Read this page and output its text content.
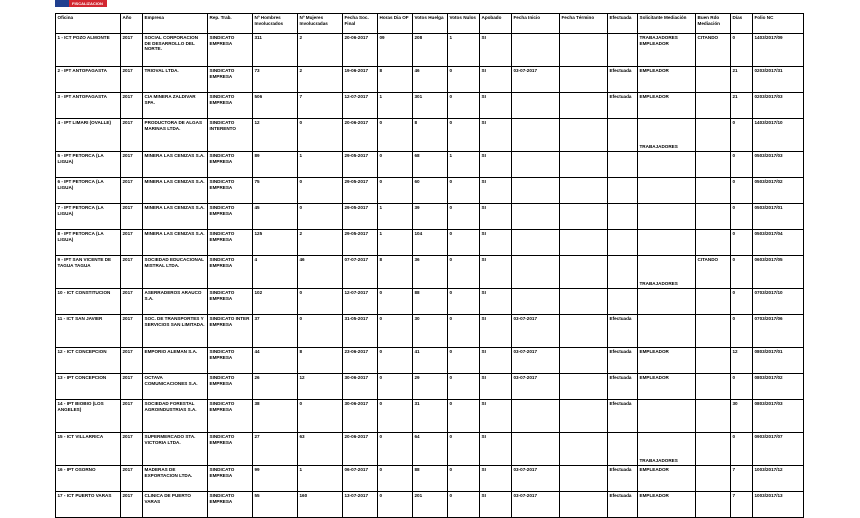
FISCALIZACION
Oficina	Año	Empresa	Rep. Trab.	Nº Hombres Involucrados	Nº Mujeres Involucradas	Fecha Soc. Final	Horas Dia OF	Votos Huelga	Votos Nulos	Apobado	Fecha Inicio	Fecha Término	Efectuada	Solicitante Mediación	Buen Rdo Mediación	Días	Folio NC
1 - ICT POZO ALMONTE	2017	SOCIAL CORPORACION DE DESARROLLO DEL NORTE.	SINDICATO EMPRESA	311	2	20-06-2017	09	208	1	SI				TRABAJADORES EMPLEADOR	CITANDO	0	1403/2017/09
2 - IPT ANTOFAGASTA	2017	TRIOVAL LTDA.	SINDICATO EMPRESA	73	2	19-06-2017	8	46	0	SI	03-07-2017		Efectuada	EMPLEADOR		21	0203/2017/31
3 - IPT ANTOFAGASTA	2017	CIA MINERA ZALDIVAR SPA.	SINDICATO EMPRESA	506	7	12-07-2017	1	301	0	SI			Efectuada	EMPLEADOR		21	0203/2017/03
4 - IPT LIMARI (OVALLE)	2017	PRODUCTORA DE ALGAS MARINAS LTDA.	SINDICATO INTERENTO	12	0	20-06-2017	0	8	0	SI				TRABAJADORES		0	1403/2017/10
5 - IPT PETORCA (LA LIGUA)	2017	MINERA LAS CENIZAS S.A.	SINDICATO EMPRESA	89	1	29-05-2017	0	68	1	SI						0	0503/2017/03
6 - IPT PETORCA (LA LIGUA)	2017	MINERA LAS CENIZAS S.A.	SINDICATO EMPRESA	75	0	29-05-2017	0	60	0	SI						0	0503/2017/02
7 - IPT PETORCA (LA LIGUA)	2017	MINERA LAS CENIZAS S.A.	SINDICATO EMPRESA	45	0	29-05-2017	1	39	0	SI						0	0503/2017/01
8 - IPT PETORCA (LA LIGUA)	2017	MINERA LAS CENIZAS S.A.	SINDICATO EMPRESA	125	2	29-05-2017	1	104	0	SI						0	0503/2017/04
9 - IPT SAN VICENTE DE TAGUA TAGUA	2017	SOCIEDAD EDUCACIONAL MISTRAL LTDA.	SINDICATO EMPRESA	4	46	07-07-2017	8	36	0	SI				TRABAJADORES	CITANDO	0	0603/2017/05
10 - ICT CONSTITUCION	2017	ASERRADEROS ARAUCO S.A.	SINDICATO EMPRESA	102	0	12-07-2017	0	88	0	SI						0	0703/2017/10
11 - ICT SAN JAVIER	2017	SOC. DE TRANSPORTES Y SERVICIOS SAN LIMITADA.	SINDICATO INTER EMPRESA	37	0	31-05-2017	0	30	0	SI	03-07-2017		Efectuada			0	0703/2017/06
12 - ICT CONCEPCION	2017	EMPORIO ALEMAN S.A.	SINDICATO EMPRESA	44	8	23-06-2017	0	41	0	SI	03-07-2017		Efectuada	EMPLEADOR		12	0803/2017/01
13 - IPT CONCEPCION	2017	OCTAVA COMUNICACIONES S.A.	SINDICATO EMPRESA	26	12	30-06-2017	0	29	0	SI	03-07-2017		Efectuada	EMPLEADOR		0	0803/2017/02
14 - IPT BIOBIO (LOS ANGELES)	2017	SOCIEDAD FORESTAL AGROINDUSTRIAS S.A.	SINDICATO EMPRESA	38	0	30-06-2017	0	31	0	SI			Efectuada			30	0803/2017/03
15 - ICT VILLARRICA	2017	SUPERMERCADO STA. VICTORIA LTDA.	SINDICATO EMPRESA	27	63	20-06-2017	0	64	0	SI				TRABAJADORES		0	0903/2017/07
16 - IPT OSORNO	2017	MADERAS DE EXPORTACION LTDA.	SINDICATO EMPRESA	99	1	06-07-2017	0	88	0	SI	03-07-2017		Efectuada	EMPLEADOR		7	1003/2017/12
17 - ICT PUERTO VARAS	2017	CLINICA DE PUERTO VARAS	SINDICATO EMPRESA	55	160	13-07-2017	0	201	0	SI	03-07-2017		Efectuada	EMPLEADOR		7	1003/2017/13
